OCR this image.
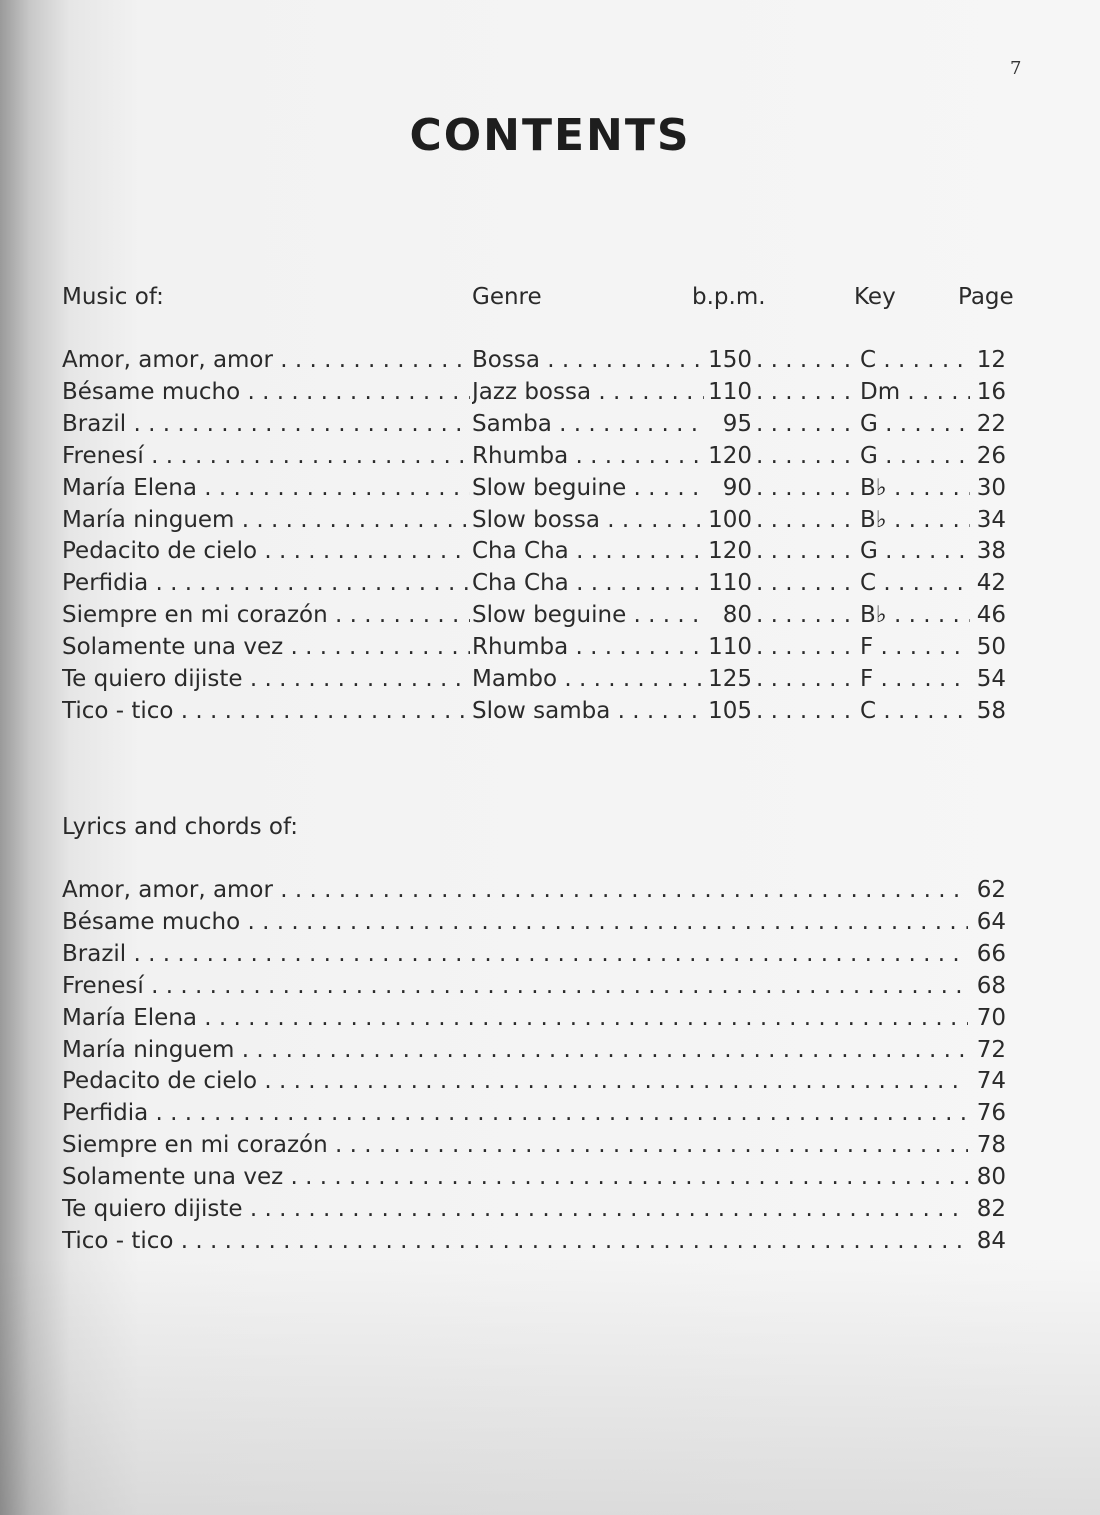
7
CONTENTS
Music of:	Genre	b.p.m.	Key	Page
Amor, amor, amor . . .	Bossa . . .	150 . . .	C . . .	12
Bésame mucho . . .	Jazz bossa . . .	110 . . .	Dm . . .	16
Brazil . . .	Samba . . .	95 . . .	G . . .	22
Frenesí . . .	Rhumba . . .	120 . . .	G . . .	26
María Elena . . .	Slow beguine . . .	90 . . .	B♭ . . .	30
María ninguem . . .	Slow bossa . . .	100 . . .	B♭ . . .	34
Pedacito de cielo . . .	Cha Cha . . .	120 . . .	G . . .	38
Perfidia . . .	Cha Cha . . .	110 . . .	C . . .	42
Siempre en mi corazón . . .	Slow beguine . . .	80 . . .	B♭ . . .	46
Solamente una vez . . .	Rhumba . . .	110 . . .	F . . .	50
Te quiero dijiste . . .	Mambo . . .	125 . . .	F . . .	54
Tico - tico . . .	Slow samba . . .	105 . . .	C . . .	58
Lyrics and chords of:
Amor, amor, amor . . .	62
Bésame mucho . . .	64
Brazil . . .	66
Frenesí . . .	68
María Elena . . .	70
María ninguem . . .	72
Pedacito de cielo . . .	74
Perfidia . . .	76
Siempre en mi corazón . . .	78
Solamente una vez . . .	80
Te quiero dijiste . . .	82
Tico - tico . . .	84
